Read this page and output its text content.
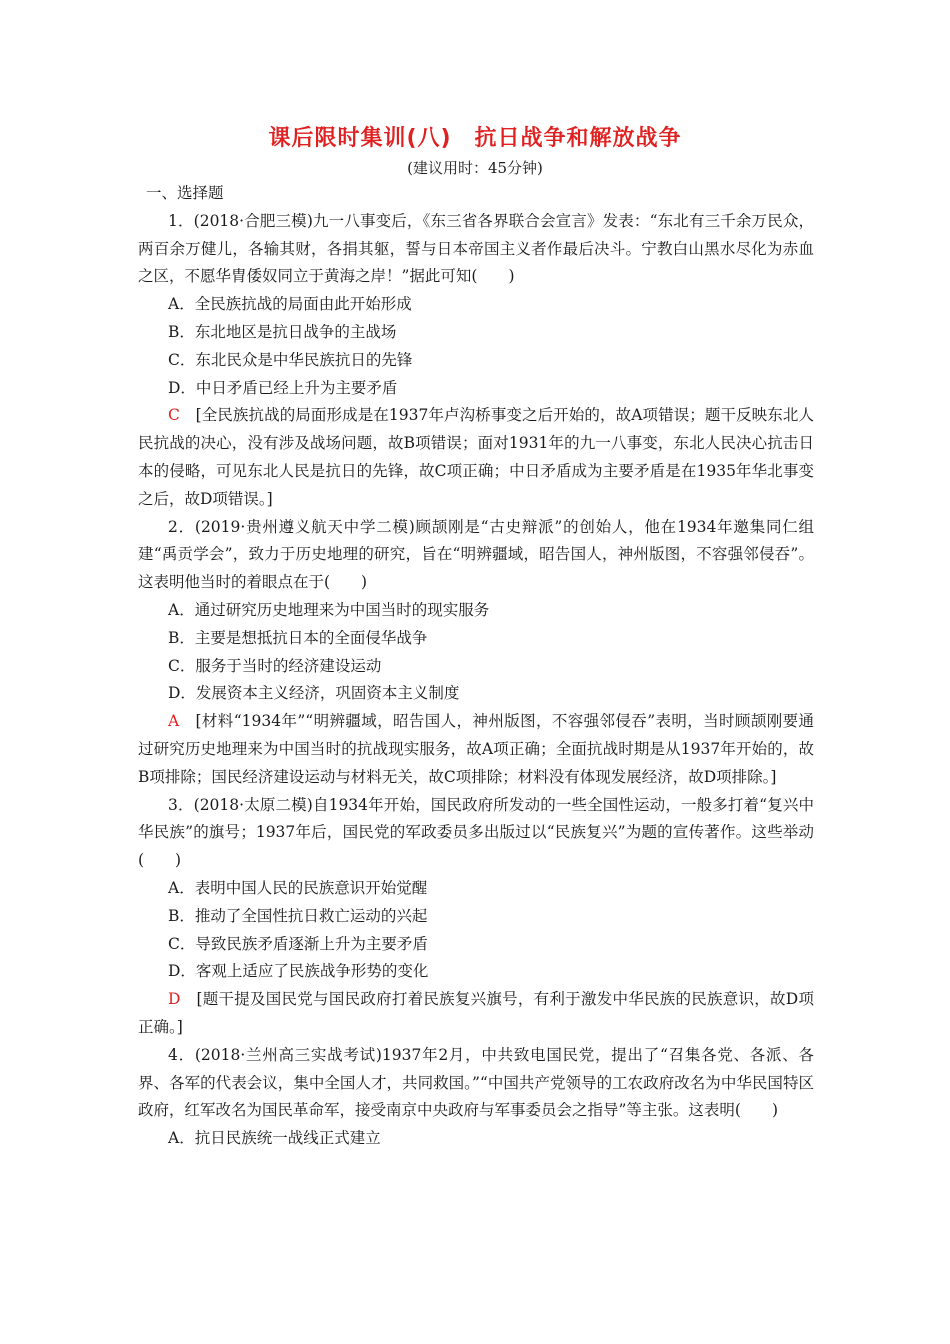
课后限时集训(八)　抗日战争和解放战争
(建议用时：45分钟)

一、选择题

1．(2018·合肥三模)九一八事变后，《东三省各界联合会宣言》发表：“东北有三千余万民众，两百余万健儿，各输其财，各捐其躯，誓与日本帝国主义者作最后决斗。宁教白山黑水尽化为赤血之区，不愿华胄倭奴同立于黄海之岸！”据此可知(　　)

A．全民族抗战的局面由此开始形成

B．东北地区是抗日战争的主战场

C．东北民众是中华民族抗日的先锋

D．中日矛盾已经上升为主要矛盾

C　 [全民族抗战的局面形成是在1937年卢沟桥事变之后开始的，故A项错误；题干反映东北人民抗战的决心，没有涉及战场问题，故B项错误；面对1931年的九一八事变，东北人民决心抗击日本的侵略，可见东北人民是抗日的先锋，故C项正确；中日矛盾成为主要矛盾是在1935年华北事变之后，故D项错误。]

2．(2019·贵州遵义航天中学二模)顾颉刚是“古史辩派”的创始人，他在1934年邀集同仁组建“禹贡学会”，致力于历史地理的研究，旨在“明辨疆域，昭告国人，神州版图，不容强邻侵吞”。这表明他当时的着眼点在于(　　)

A．通过研究历史地理来为中国当时的现实服务

B．主要是想抵抗日本的全面侵华战争

C．服务于当时的经济建设运动

D．发展资本主义经济，巩固资本主义制度

A　 [材料“1934年”“明辨疆域，昭告国人，神州版图，不容强邻侵吞”表明，当时顾颉刚要通过研究历史地理来为中国当时的抗战现实服务，故A项正确；全面抗战时期是从1937年开始的，故B项排除；国民经济建设运动与材料无关，故C项排除；材料没有体现发展经济，故D项排除。]

3．(2018·太原二模)自1934年开始，国民政府所发动的一些全国性运动，一般多打着“复兴中华民族”的旗号；1937年后，国民党的军政委员多出版过以“民族复兴”为题的宣传著作。这些举动(　　)

A．表明中国人民的民族意识开始觉醒

B．推动了全国性抗日救亡运动的兴起

C．导致民族矛盾逐渐上升为主要矛盾

D．客观上适应了民族战争形势的变化

D　 [题干提及国民党与国民政府打着民族复兴旗号，有利于激发中华民族的民族意识，故D项正确。]

4．(2018·兰州高三实战考试)1937年2月，中共致电国民党，提出了“召集各党、各派、各界、各军的代表会议，集中全国人才，共同救国。”“中国共产党领导的工农政府改名为中华民国特区政府，红军改名为国民革命军，接受南京中央政府与军事委员会之指导”等主张。这表明(　　)

A．抗日民族统一战线正式建立
